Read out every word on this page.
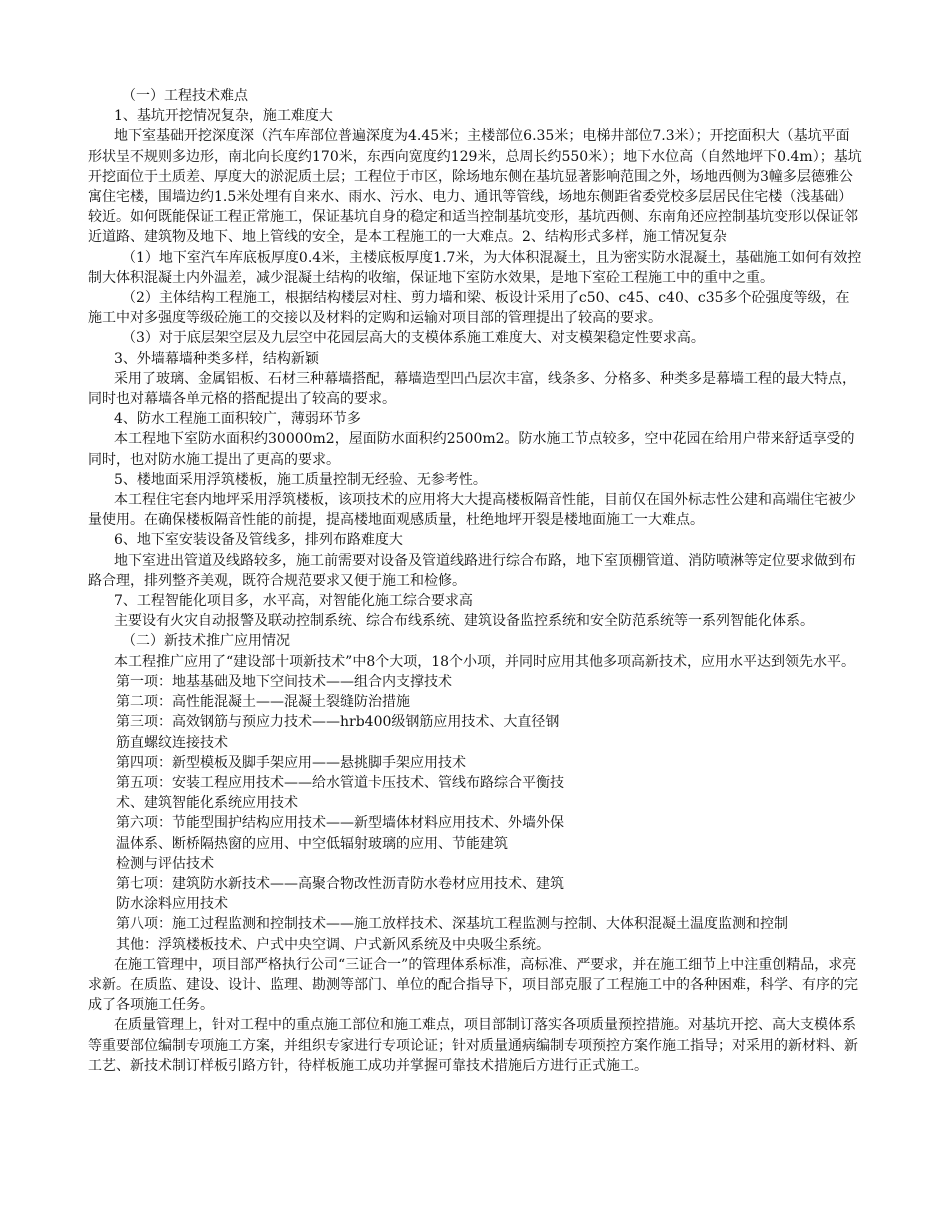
（一）工程技术难点

1、基坑开挖情况复杂，施工难度大

地下室基础开挖深度深（汽车库部位普遍深度为4.45米；主楼部位6.35米；电梯井部位7.3米）；开挖面积大（基坑平面形状呈不规则多边形，南北向长度约170米，东西向宽度约129米，总周长约550米）；地下水位高（自然地坪下0.4m）；基坑开挖面位于土质差、厚度大的淤泥质土层；工程位于市区，除场地东侧在基坑显著影响范围之外，场地西侧为3幢多层德雅公寓住宅楼，围墙边约1.5米处埋有自来水、雨水、污水、电力、通讯等管线，场地东侧距省委党校多层居民住宅楼（浅基础）较近。如何既能保证工程正常施工，保证基坑自身的稳定和适当控制基坑变形，基坑西侧、东南角还应控制基坑变形以保证邻近道路、建筑物及地下、地上管线的安全，是本工程施工的一大难点。2、结构形式多样，施工情况复杂

（1）地下室汽车库底板厚度0.4米，主楼底板厚度1.7米，为大体积混凝土，且为密实防水混凝土，基础施工如何有效控制大体积混凝土内外温差，减少混凝土结构的收缩，保证地下室防水效果，是地下室砼工程施工中的重中之重。

（2）主体结构工程施工，根据结构楼层对柱、剪力墙和梁、板设计采用了c50、c45、c40、c35多个砼强度等级，在施工中对多强度等级砼施工的交接以及材料的定购和运输对项目部的管理提出了较高的要求。

（3）对于底层架空层及九层空中花园层高大的支模体系施工难度大、对支模架稳定性要求高。

3、外墙幕墙种类多样，结构新颖

采用了玻璃、金属铝板、石材三种幕墙搭配，幕墙造型凹凸层次丰富，线条多、分格多、种类多是幕墙工程的最大特点，同时也对幕墙各单元格的搭配提出了较高的要求。

4、防水工程施工面积较广，薄弱环节多

本工程地下室防水面积约30000m2，屋面防水面积约2500m2。防水施工节点较多，空中花园在给用户带来舒适享受的同时，也对防水施工提出了更高的要求。

5、楼地面采用浮筑楼板，施工质量控制无经验、无参考性。

本工程住宅套内地坪采用浮筑楼板，该项技术的应用将大大提高楼板隔音性能，目前仅在国外标志性公建和高端住宅被少量使用。在确保楼板隔音性能的前提，提高楼地面观感质量，杜绝地坪开裂是楼地面施工一大难点。

6、地下室安装设备及管线多，排列布路难度大

地下室进出管道及线路较多，施工前需要对设备及管道线路进行综合布路，地下室顶棚管道、消防喷淋等定位要求做到布路合理，排列整齐美观，既符合规范要求又便于施工和检修。

7、工程智能化项目多，水平高，对智能化施工综合要求高

主要设有火灾自动报警及联动控制系统、综合布线系统、建筑设备监控系统和安全防范系统等一系列智能化体系。

（二）新技术推广应用情况

本工程推广应用了“建设部十项新技术”中8个大项，18个小项，并同时应用其他多项高新技术，应用水平达到领先水平。

第一项：地基基础及地下空间技术——组合内支撑技术

第二项：高性能混凝土——混凝土裂缝防治措施

第三项：高效钢筋与预应力技术——hrb400级钢筋应用技术、大直径钢

筋直螺纹连接技术

第四项：新型模板及脚手架应用——悬挑脚手架应用技术

第五项：安装工程应用技术——给水管道卡压技术、管线布路综合平衡技

术、建筑智能化系统应用技术

第六项：节能型围护结构应用技术——新型墙体材料应用技术、外墙外保

温体系、断桥隔热窗的应用、中空低辐射玻璃的应用、节能建筑

检测与评估技术

第七项：建筑防水新技术——高聚合物改性沥青防水卷材应用技术、建筑

防水涂料应用技术

第八项：施工过程监测和控制技术——施工放样技术、深基坑工程监测与控制、大体积混凝土温度监测和控制

其他：浮筑楼板技术、户式中央空调、户式新风系统及中央吸尘系统。

在施工管理中，项目部严格执行公司“三证合一”的管理体系标准，高标准、严要求，并在施工细节上中注重创精品，求亮求新。在质监、建设、设计、监理、勘测等部门、单位的配合指导下，项目部克服了工程施工中的各种困难，科学、有序的完成了各项施工任务。

在质量管理上，针对工程中的重点施工部位和施工难点，项目部制订落实各项质量预控措施。对基坑开挖、高大支模体系等重要部位编制专项施工方案，并组织专家进行专项论证；针对质量通病编制专项预控方案作施工指导；对采用的新材料、新工艺、新技术制订样板引路方针，待样板施工成功并掌握可靠技术措施后方进行正式施工。
